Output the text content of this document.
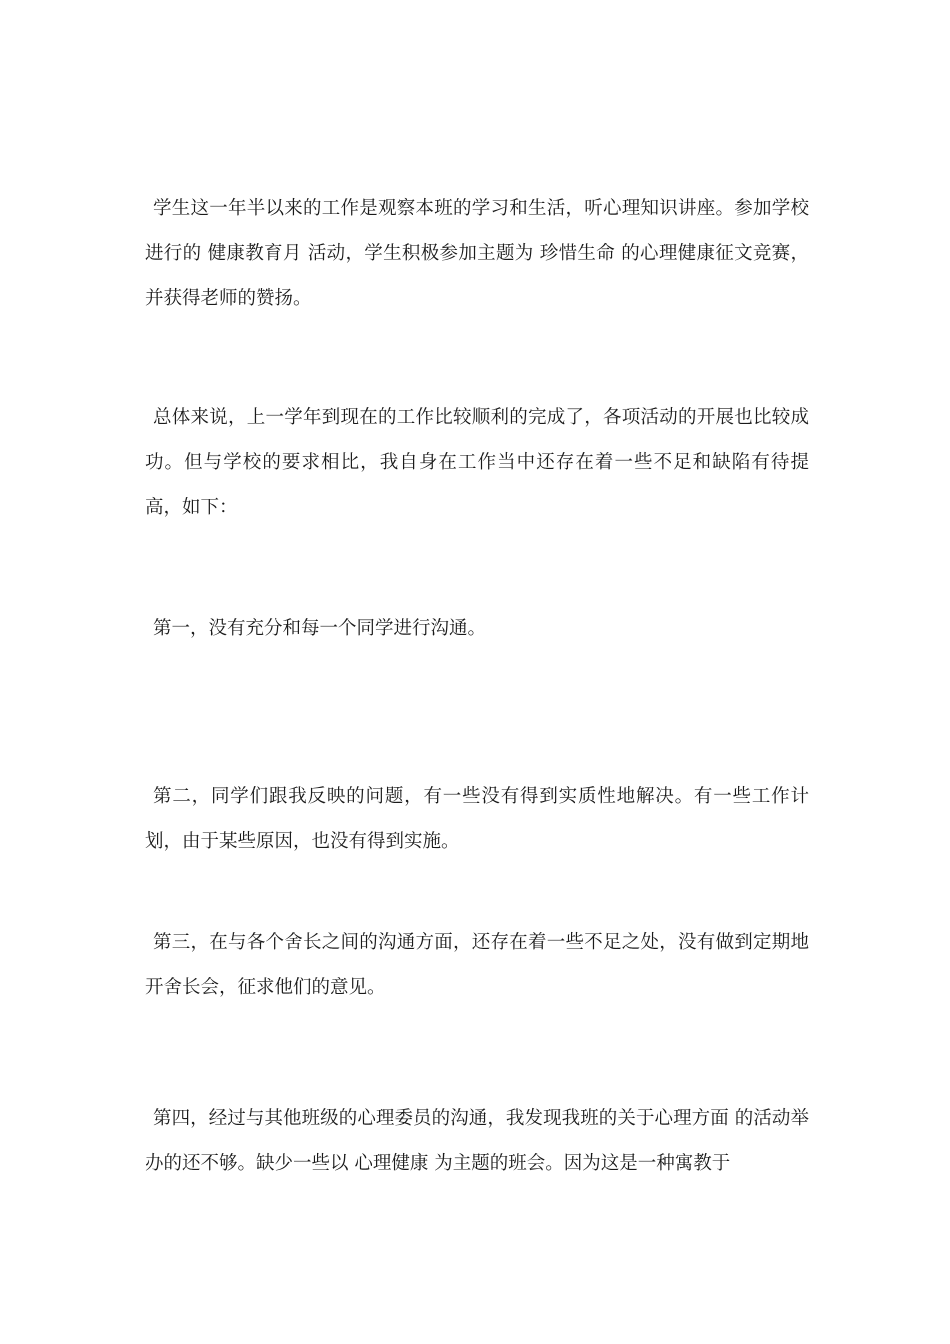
学生这一年半以来的工作是观察本班的学习和生活，听心理知识讲座。参加学校进行的 健康教育月 活动，学生积极参加主题为 珍惜生命 的心理健康征文竞赛，并获得老师的赞扬。

总体来说，上一学年到现在的工作比较顺利的完成了，各项活动的开展也比较成功。但与学校的要求相比，我自身在工作当中还存在着一些不足和缺陷有待提高，如下：

第一，没有充分和每一个同学进行沟通。

第二，同学们跟我反映的问题，有一些没有得到实质性地解决。有一些工作计划，由于某些原因，也没有得到实施。

第三，在与各个舍长之间的沟通方面，还存在着一些不足之处，没有做到定期地开舍长会，征求他们的意见。

第四，经过与其他班级的心理委员的沟通，我发现我班的关于心理方面 的活动举办的还不够。缺少一些以 心理健康 为主题的班会。因为这是一种寓教于
